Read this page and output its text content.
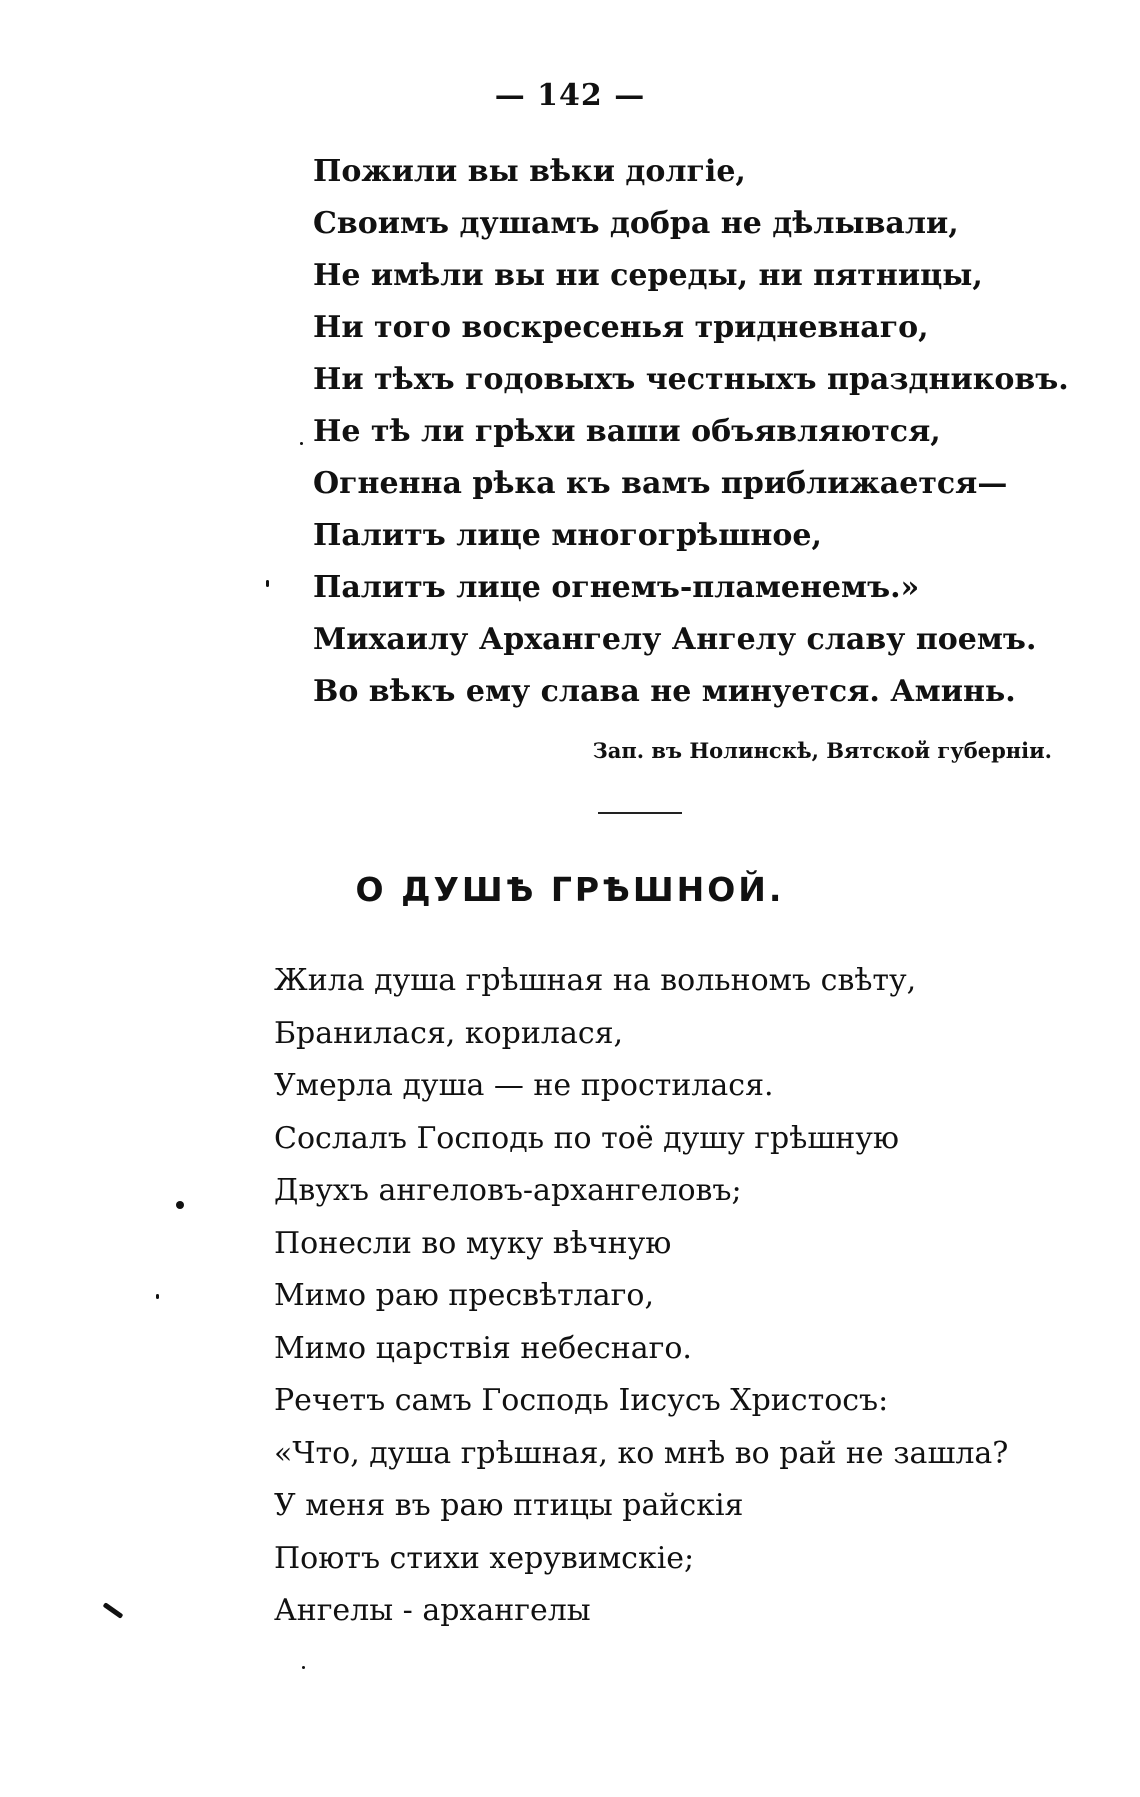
— 142 —
Пожили вы вѣки долгіе,
Своимъ душамъ добра не дѣлывали,
Не имѣли вы ни середы, ни пятницы,
Ни того воскресенья тридневнаго,
Ни тѣхъ годовыхъ честныхъ праздниковъ.
Не тѣ ли грѣхи ваши объявляются,
Огненна рѣка къ вамъ приближается—
Палитъ лице многогрѣшное,
Палитъ лице огнемъ-пламенемъ.»
Михаилу Архангелу Ангелу славу поемъ.
Во вѣкъ ему слава не минуется. Аминь.
Зап. въ Нолинскѣ, Вятской губерніи.
О ДУШѢ ГРѢШНОЙ.
Жила душа грѣшная на вольномъ свѣту,
Бранилася, корилася,
Умерла душа — не простилася.
Сослалъ Господь по тоё душу грѣшную
Двухъ ангеловъ-архангеловъ;
Понесли во муку вѣчную
Мимо раю пресвѣтлаго,
Мимо царствія небеснаго.
Речетъ самъ Господь Іисусъ Христосъ:
«Что, душа грѣшная, ко мнѣ во рай не зашла?
У меня въ раю птицы райскія
Поютъ стихи херувимскіе;
Ангелы - архангелы
